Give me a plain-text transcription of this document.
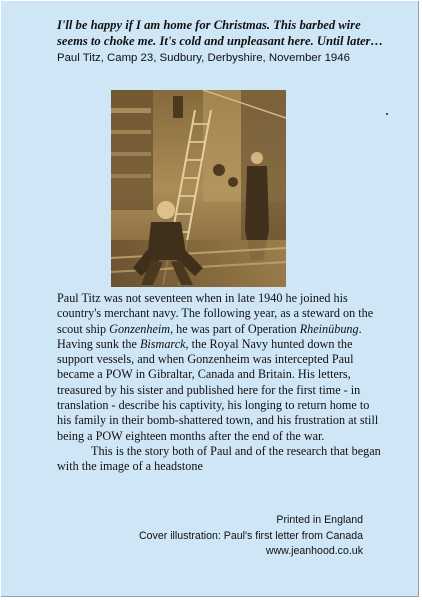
I'll be happy if I am home for Christmas. This barbed wire seems to choke me. It's cold and unpleasant here. Until later… Paul Titz, Camp 23, Sudbury, Derbyshire, November 1946

Paul Titz was not seventeen when in late 1940 he joined his country's merchant navy. The following year, as a steward on the scout ship Gonzenheim, he was part of Operation Rheinübung. Having sunk the Bismarck, the Royal Navy hunted down the support vessels, and when Gonzenheim was intercepted Paul became a POW in Gibraltar, Canada and Britain. His letters, treasured by his sister and published here for the first time - in translation - describe his captivity, his longing to return home to his family in their bomb-shattered town, and his frustration at still being a POW eighteen months after the end of the war.

This is the story both of Paul and of the research that began with the image of a headstone

Printed in England
Cover illustration: Paul's first letter from Canada
www.jeanhood.co.uk
